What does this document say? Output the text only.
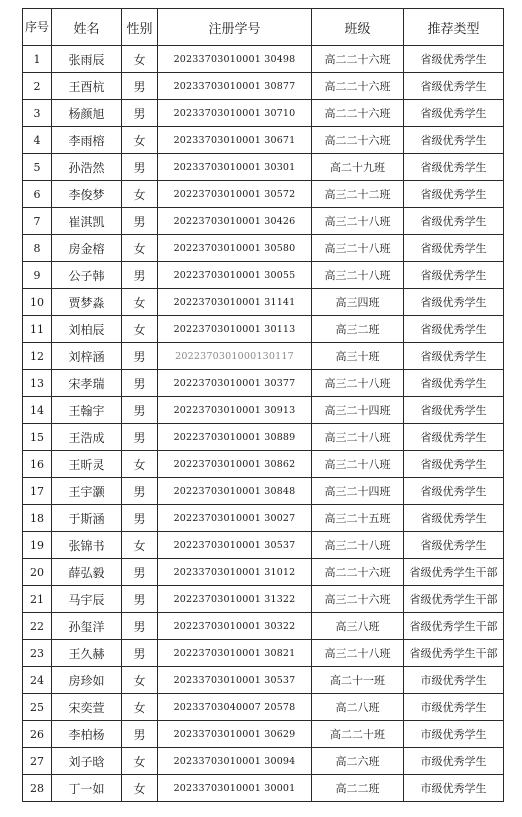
序号	姓名	性别	注册学号	班级	推荐类型
1	张雨辰	女	20233703010001 30498	高二二十六班	省级优秀学生
2	王酉杭	男	20233703010001 30877	高二二十六班	省级优秀学生
3	杨颜旭	男	20233703010001 30710	高二二十六班	省级优秀学生
4	李雨榕	女	20233703010001 30671	高二二十六班	省级优秀学生
5	孙浩然	男	20233703010001 30301	高二十九班	省级优秀学生
6	李俊梦	女	20223703010001 30572	高三二十二班	省级优秀学生
7	崔淇凯	男	20223703010001 30426	高三二十八班	省级优秀学生
8	房金榕	女	20223703010001 30580	高三二十八班	省级优秀学生
9	公子韩	男	20223703010001 30055	高三二十八班	省级优秀学生
10	贾梦淼	女	20223703010001 31141	高三四班	省级优秀学生
11	刘柏辰	女	20223703010001 30113	高三二班	省级优秀学生
12	刘梓涵	男	2022370301000130117	高三十班	省级优秀学生
13	宋孝瑞	男	20223703010001 30377	高三二十八班	省级优秀学生
14	王翰宇	男	20223703010001 30913	高三二十四班	省级优秀学生
15	王浩成	男	20223703010001 30889	高三二十八班	省级优秀学生
16	王昕灵	女	20223703010001 30862	高三二十八班	省级优秀学生
17	王宇灏	男	20223703010001 30848	高三二十四班	省级优秀学生
18	于斯涵	男	20223703010001 30027	高三二十五班	省级优秀学生
19	张锦书	女	20223703010001 30537	高三二十八班	省级优秀学生
20	薛弘毅	男	20233703010001 31012	高二二十六班	省级优秀学生干部
21	马宇辰	男	20223703010001 31322	高三二十六班	省级优秀学生干部
22	孙玺洋	男	20223703010001 30322	高三八班	省级优秀学生干部
23	王久赫	男	20223703010001 30821	高三二十八班	省级优秀学生干部
24	房珍如	女	20233703010001 30537	高二十一班	市级优秀学生
25	宋奕萱	女	20233703040007 20578	高二八班	市级优秀学生
26	李柏杨	男	20233703010001 30629	高二二十班	市级优秀学生
27	刘子晗	女	20233703010001 30094	高二六班	市级优秀学生
28	丁一如	女	20233703010001 30001	高二二班	市级优秀学生
